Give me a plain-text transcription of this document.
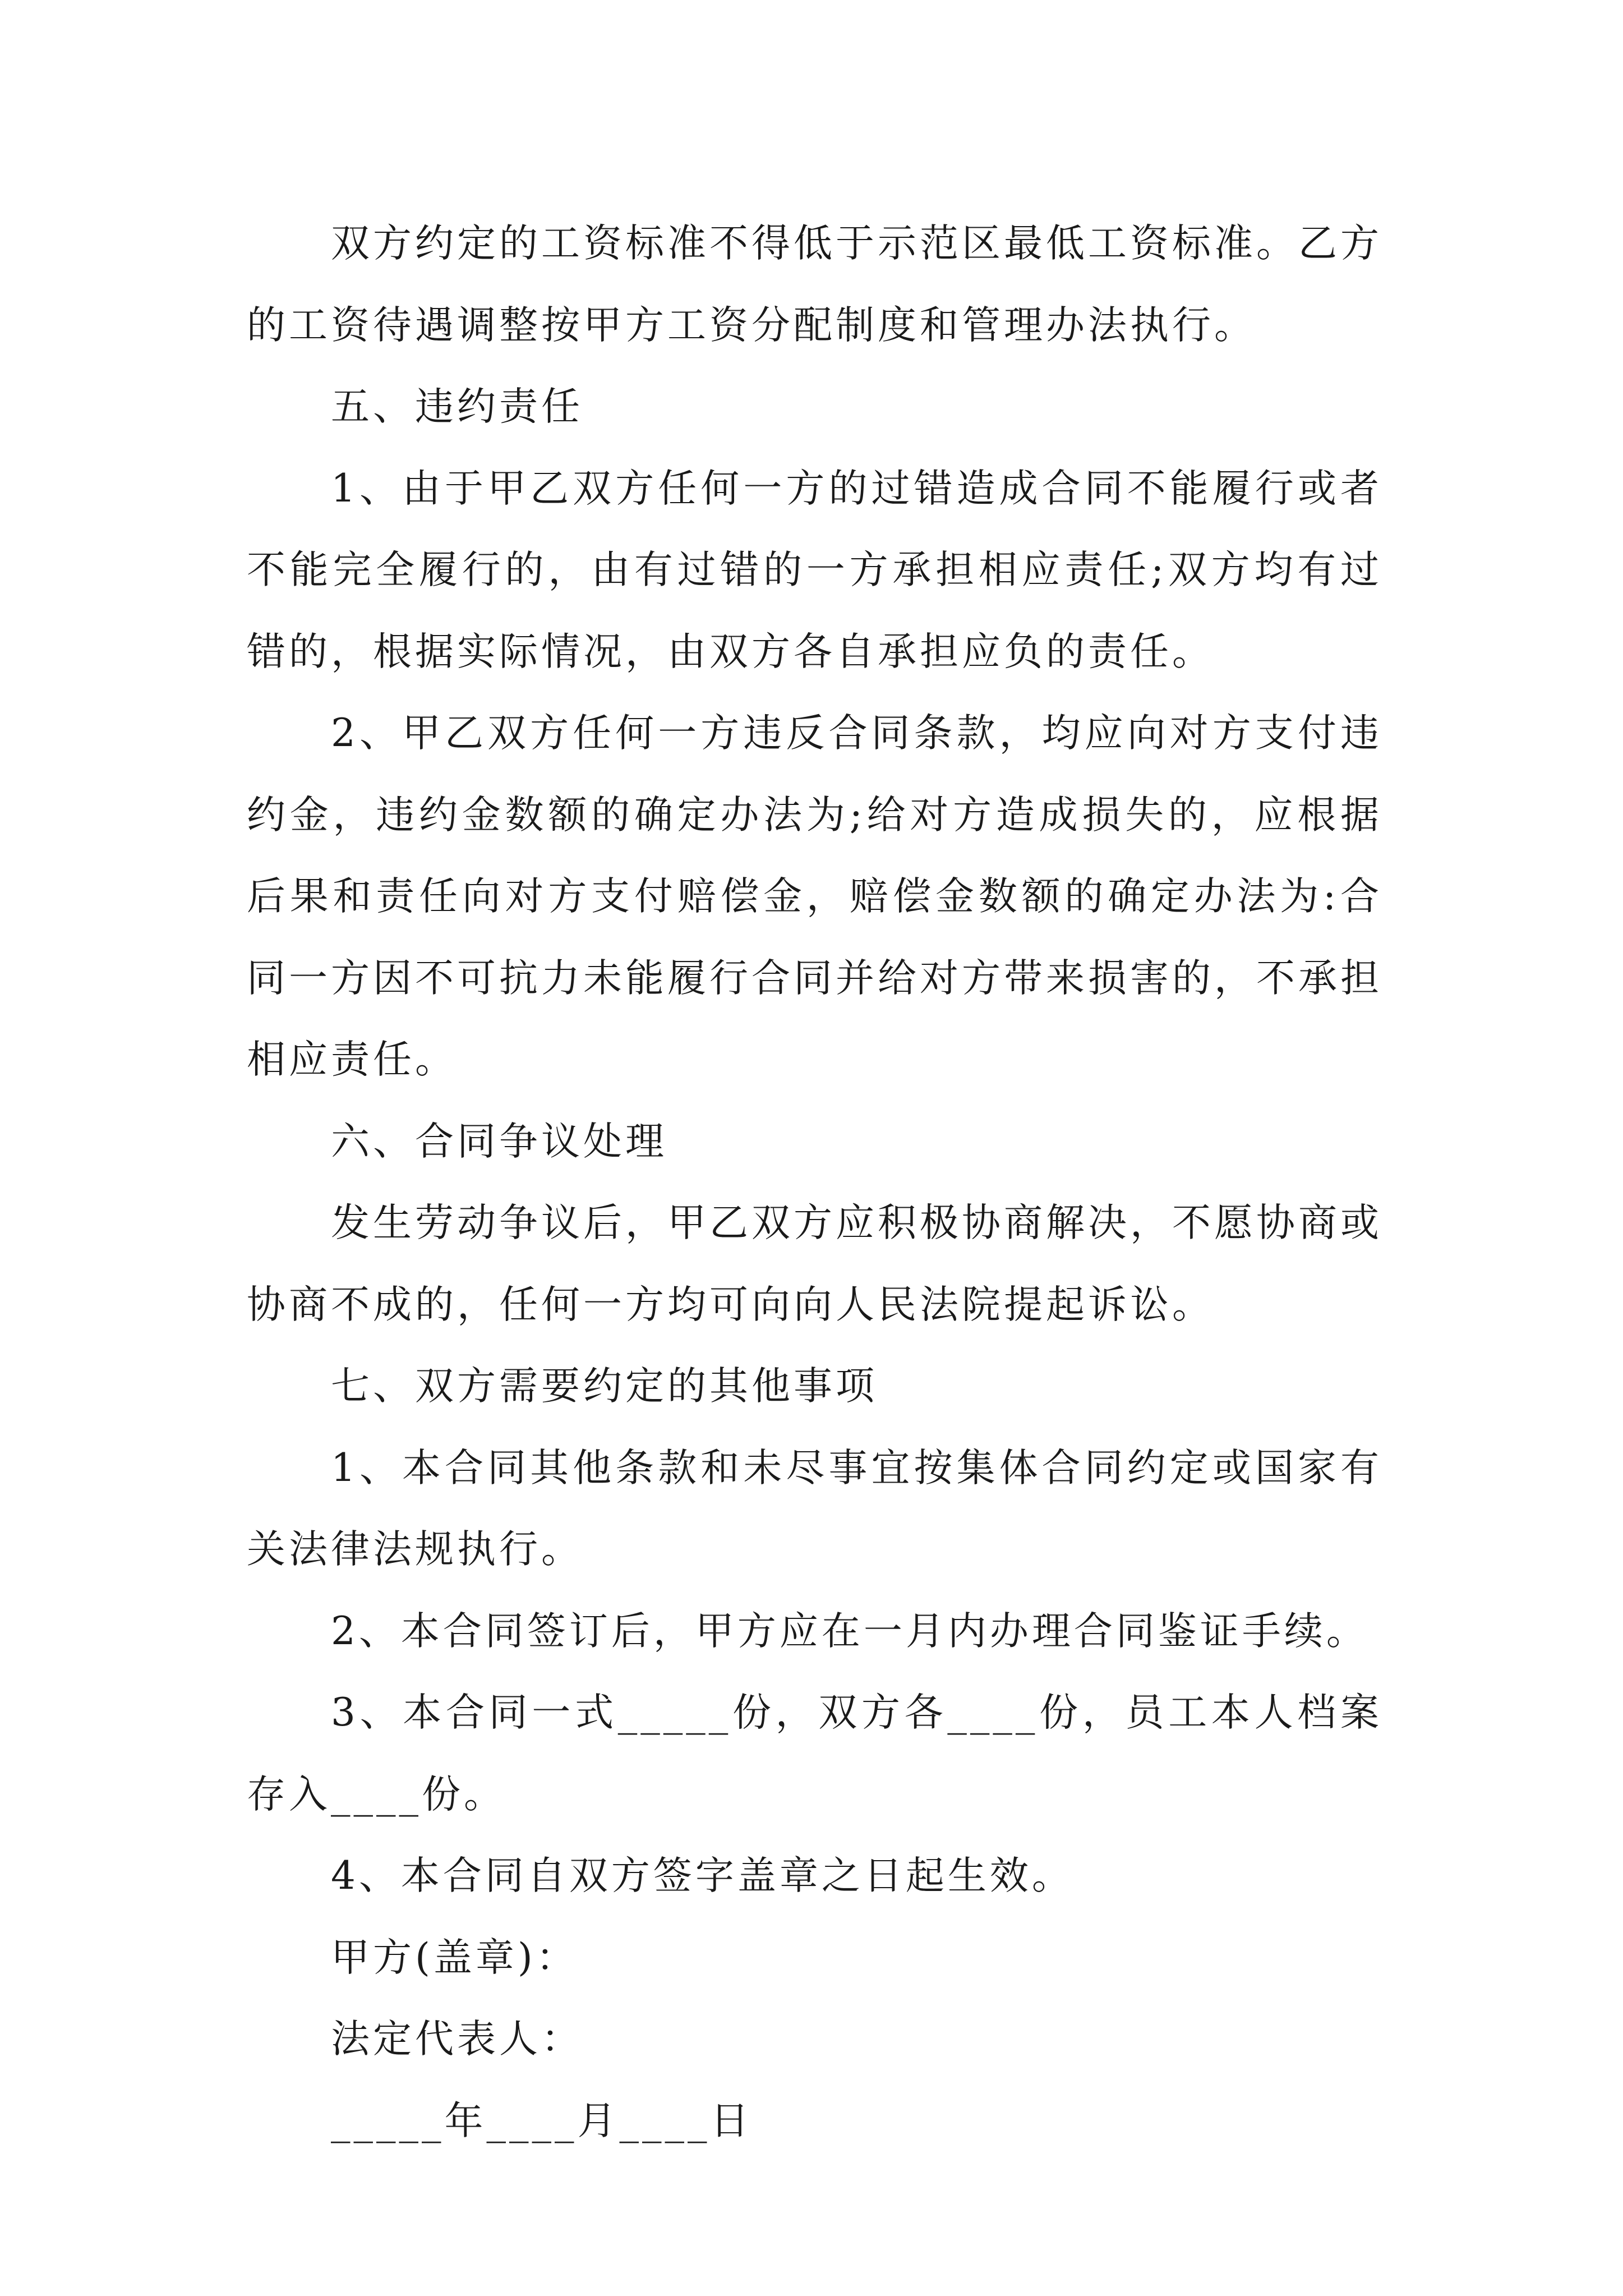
双方约定的工资标准不得低于示范区最低工资标准。乙方的工资待遇调整按甲方工资分配制度和管理办法执行。

五、违约责任

1、由于甲乙双方任何一方的过错造成合同不能履行或者不能完全履行的，由有过错的一方承担相应责任;双方均有过错的，根据实际情况，由双方各自承担应负的责任。

2、甲乙双方任何一方违反合同条款，均应向对方支付违约金，违约金数额的确定办法为;给对方造成损失的，应根据后果和责任向对方支付赔偿金，赔偿金数额的确定办法为:合同一方因不可抗力未能履行合同并给对方带来损害的，不承担相应责任。

六、合同争议处理

发生劳动争议后，甲乙双方应积极协商解决，不愿协商或协商不成的，任何一方均可向向人民法院提起诉讼。

七、双方需要约定的其他事项

1、本合同其他条款和未尽事宜按集体合同约定或国家有关法律法规执行。

2、本合同签订后，甲方应在一月内办理合同鉴证手续。

3、本合同一式_____份，双方各____份，员工本人档案存入____份。

4、本合同自双方签字盖章之日起生效。

甲方(盖章)：

法定代表人：

_____年____月____日
